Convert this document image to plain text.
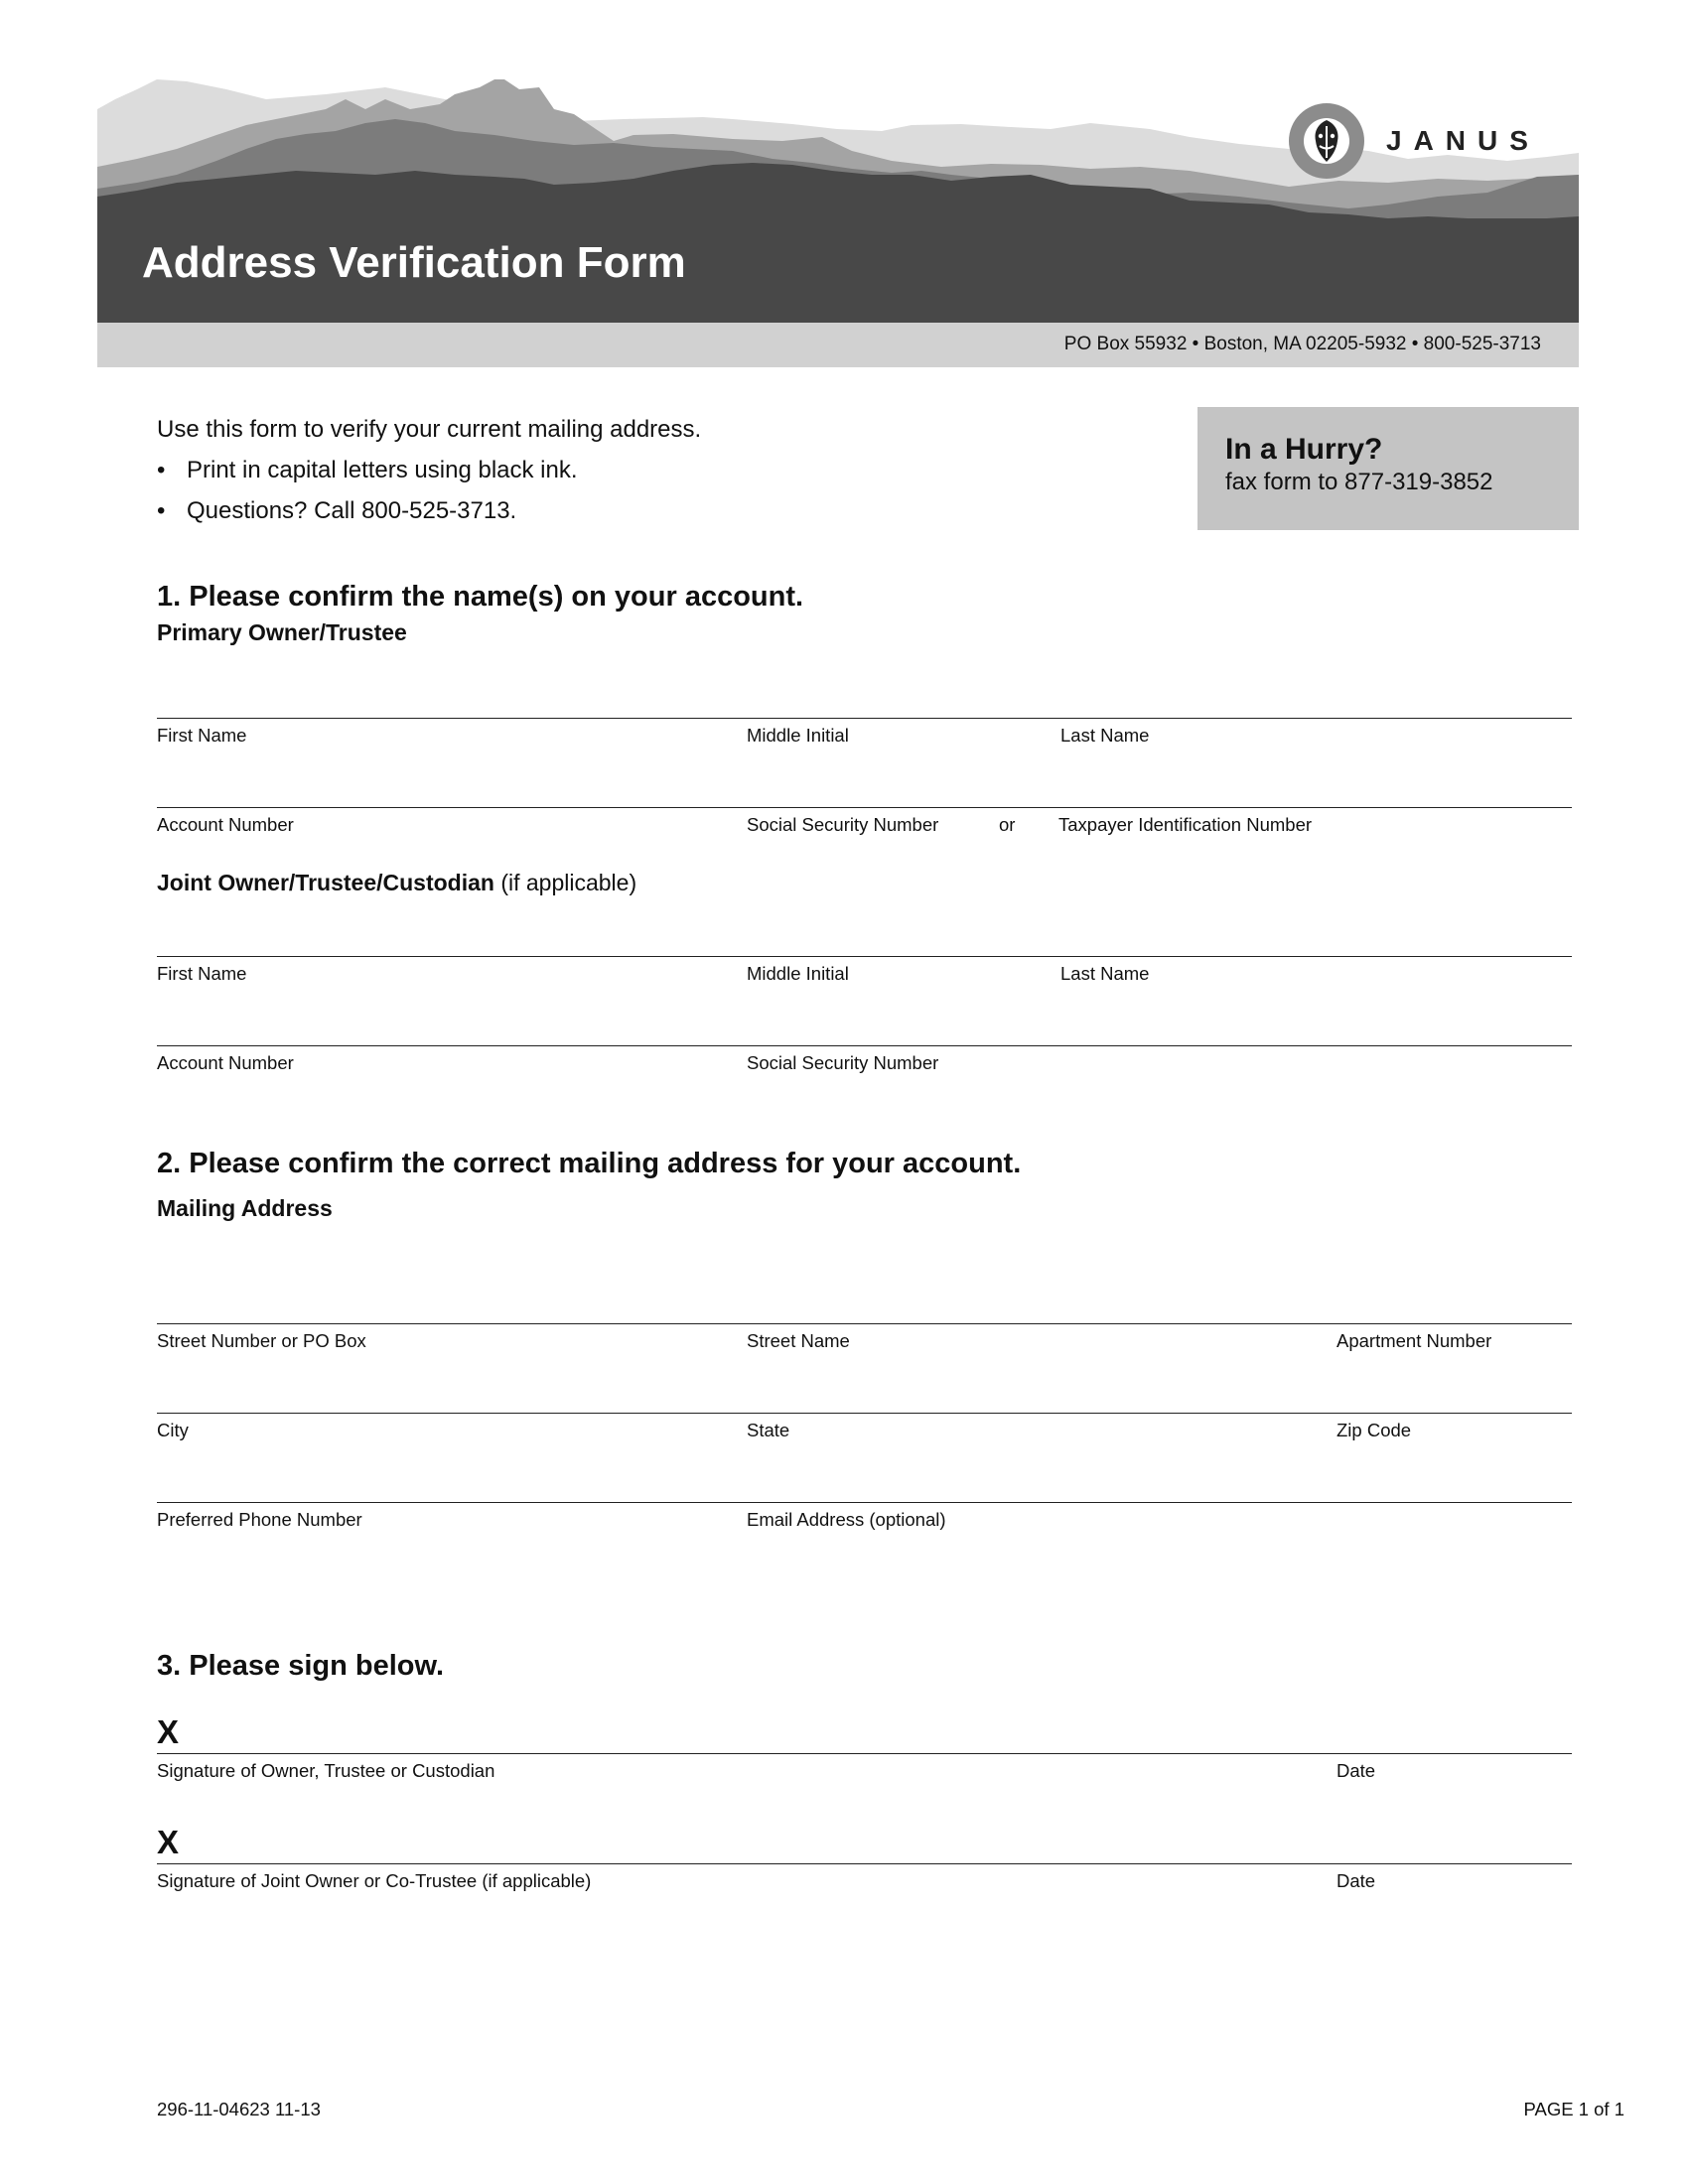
JANUS
Address Verification Form
PO Box 55932 • Boston, MA 02205-5932 • 800-525-3713
Use this form to verify your current mailing address.
• Print in capital letters using black ink.
• Questions? Call 800-525-3713.
In a Hurry?
fax form to 877-319-3852
1. Please confirm the name(s) on your account.
Primary Owner/Trustee
First Name	Middle Initial	Last Name
Account Number	Social Security Number	or Taxpayer Identification Number
Joint Owner/Trustee/Custodian (if applicable)
First Name	Middle Initial	Last Name
Account Number	Social Security Number
2. Please confirm the correct mailing address for your account.
Mailing Address
Street Number or PO Box	Street Name	Apartment Number
City	State	Zip Code
Preferred Phone Number	Email Address (optional)
3. Please sign below.
X
Signature of Owner, Trustee or Custodian	Date
X
Signature of Joint Owner or Co-Trustee (if applicable)	Date
296-11-04623 11-13	PAGE 1 of 1
